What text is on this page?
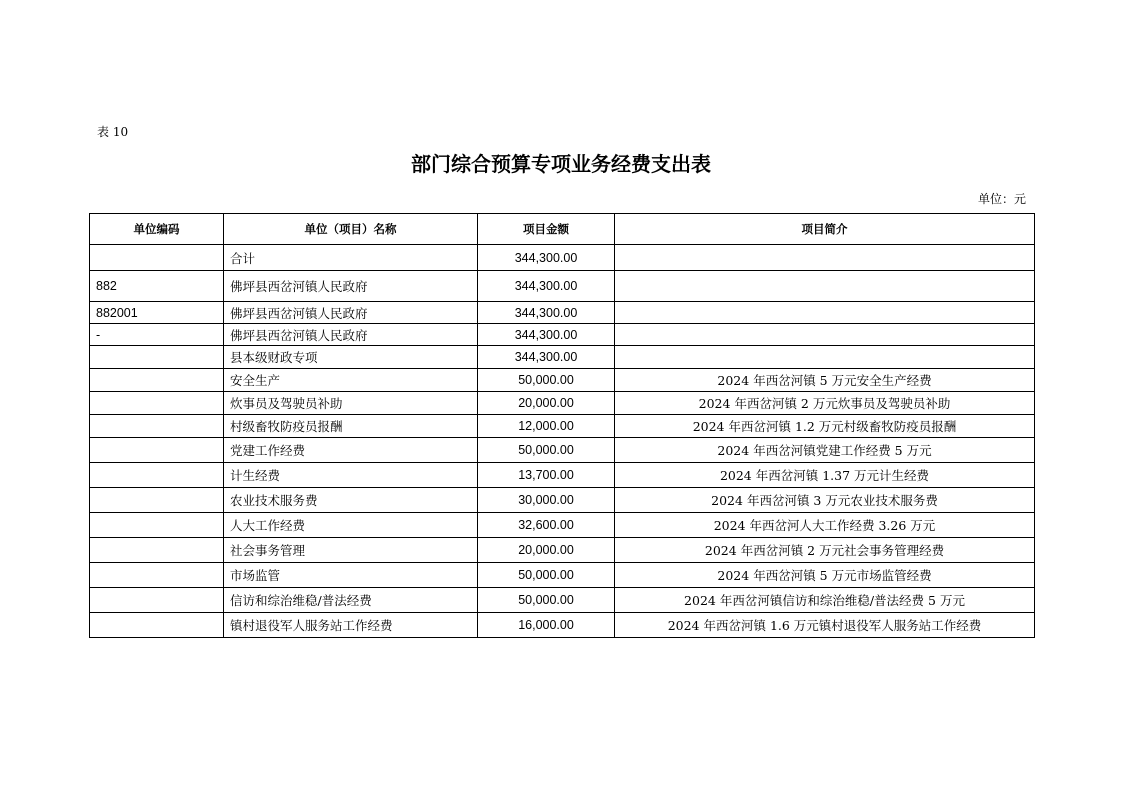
表 10
部门综合预算专项业务经费支出表
单位：元
单位编码	单位（项目）名称	项目金额	项目简介
	合计	344,300.00	
882	佛坪县西岔河镇人民政府	344,300.00	
882001	佛坪县西岔河镇人民政府	344,300.00	
-	佛坪县西岔河镇人民政府	344,300.00	
	县本级财政专项	344,300.00	
	安全生产	50,000.00	2024 年西岔河镇 5 万元安全生产经费
	炊事员及驾驶员补助	20,000.00	2024 年西岔河镇 2 万元炊事员及驾驶员补助
	村级畜牧防疫员报酬	12,000.00	2024 年西岔河镇 1.2 万元村级畜牧防疫员报酬
	党建工作经费	50,000.00	2024 年西岔河镇党建工作经费 5 万元
	计生经费	13,700.00	2024 年西岔河镇 1.37 万元计生经费
	农业技术服务费	30,000.00	2024 年西岔河镇 3 万元农业技术服务费
	人大工作经费	32,600.00	2024 年西岔河人大工作经费 3.26 万元
	社会事务管理	20,000.00	2024 年西岔河镇 2 万元社会事务管理经费
	市场监管	50,000.00	2024 年西岔河镇 5 万元市场监管经费
	信访和综治维稳/普法经费	50,000.00	2024 年西岔河镇信访和综治维稳/普法经费 5 万元
	镇村退役军人服务站工作经费	16,000.00	2024 年西岔河镇 1.6 万元镇村退役军人服务站工作经费
